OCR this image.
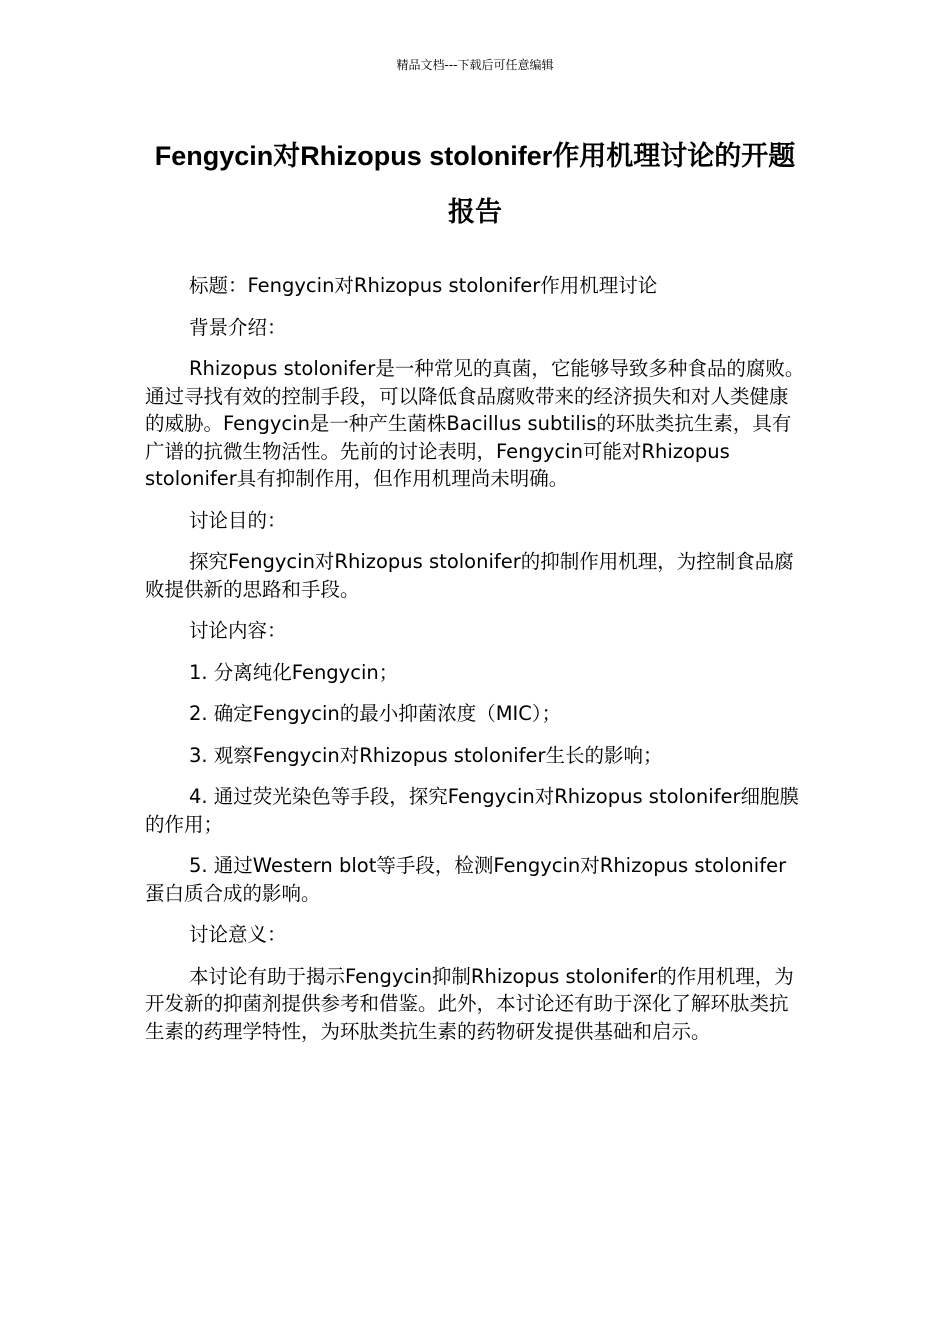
精品文档---下载后可任意编辑
Fengycin对Rhizopus stolonifer作用机理讨论的开题报告

标题：Fengycin对Rhizopus stolonifer作用机理讨论

背景介绍：

Rhizopus stolonifer是一种常见的真菌，它能够导致多种食品的腐败。通过寻找有效的控制手段，可以降低食品腐败带来的经济损失和对人类健康的威胁。Fengycin是一种产生菌株Bacillus subtilis的环肽类抗生素，具有广谱的抗微生物活性。先前的讨论表明，Fengycin可能对Rhizopus stolonifer具有抑制作用，但作用机理尚未明确。

讨论目的：

探究Fengycin对Rhizopus stolonifer的抑制作用机理，为控制食品腐败提供新的思路和手段。

讨论内容：

1. 分离纯化Fengycin；

2. 确定Fengycin的最小抑菌浓度（MIC）；

3. 观察Fengycin对Rhizopus stolonifer生长的影响；

4. 通过荧光染色等手段，探究Fengycin对Rhizopus stolonifer细胞膜的作用；

5. 通过Western blot等手段，检测Fengycin对Rhizopus stolonifer蛋白质合成的影响。

讨论意义：

本讨论有助于揭示Fengycin抑制Rhizopus stolonifer的作用机理，为开发新的抑菌剂提供参考和借鉴。此外，本讨论还有助于深化了解环肽类抗生素的药理学特性，为环肽类抗生素的药物研发提供基础和启示。
